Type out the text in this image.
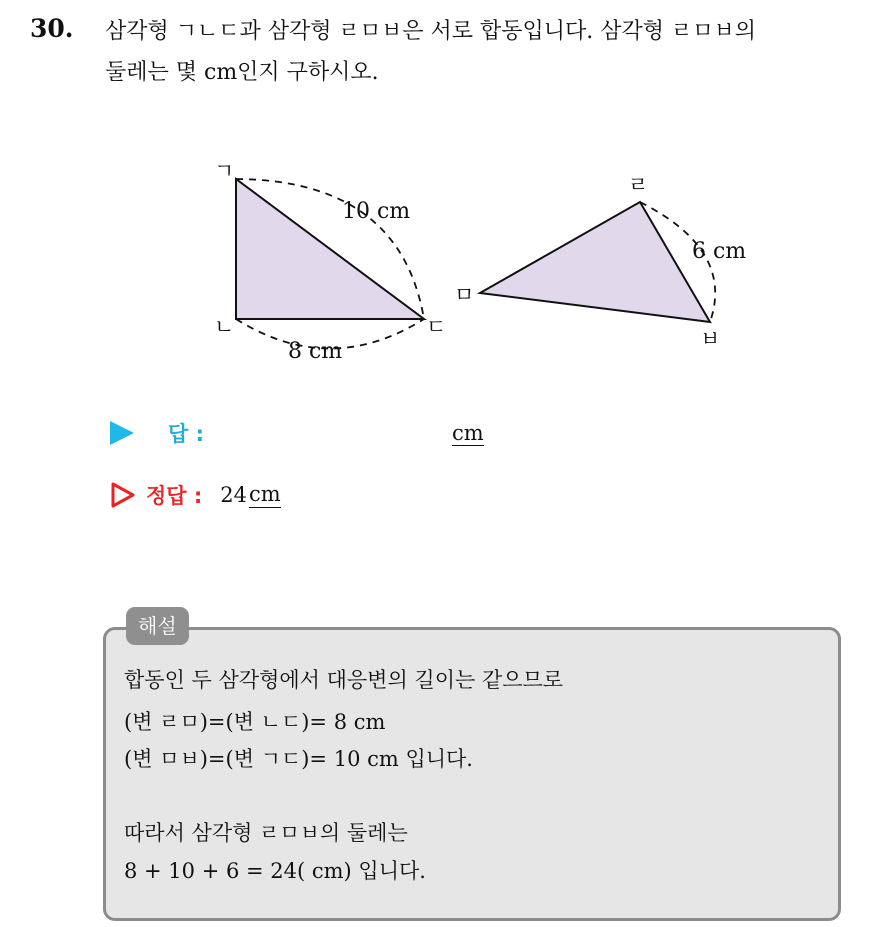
30. 삼각형 ㄱㄴㄷ과 삼각형 ㄹㅁㅂ은 서로 합동입니다. 삼각형 ㄹㅁㅂ의
둘레는 몇 cm인지 구하시오.
ㄱ
ㄴ	ㄷ
10 cm
8 cm
ㄹ
ㅁ
ㅂ
6 cm
답 :	cm
정답 : 24 cm
해설
합동인 두 삼각형에서 대응변의 길이는 같으므로
(변 ㄹㅁ)=(변 ㄴㄷ)= 8 cm
(변 ㅁㅂ)=(변 ㄱㄷ)= 10 cm 입니다.
따라서 삼각형 ㄹㅁㅂ의 둘레는
8 + 10 + 6 = 24( cm) 입니다.
